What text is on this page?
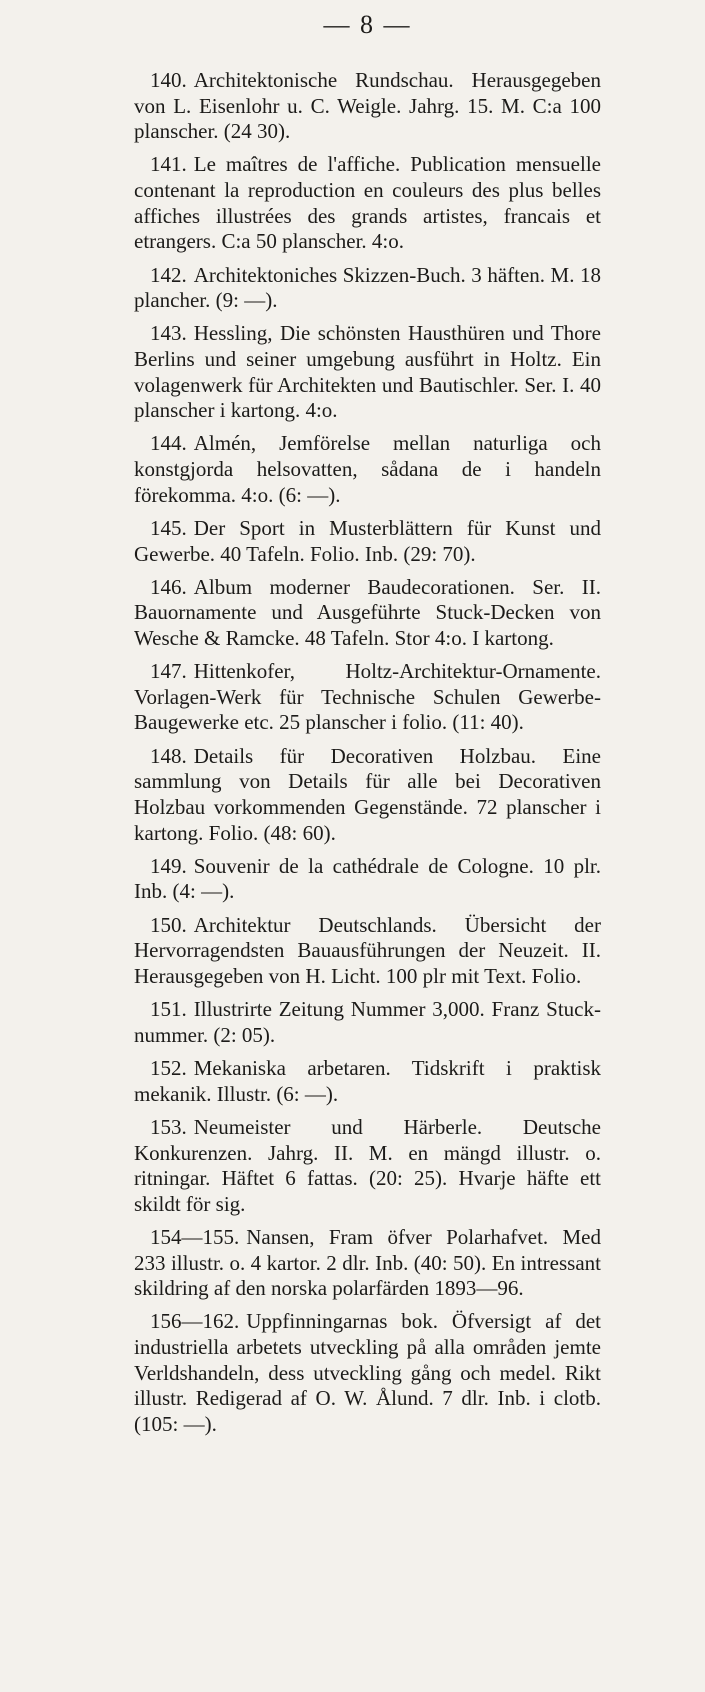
— 8 —

140. Architektonische Rundschau. Herausgegeben von L. Eisenlohr u. C. Weigle. Jahrg. 15. M. C:a 100 planscher. (24 30).

141. Le maîtres de l'affiche. Publication mensuelle contenant la reproduction en couleurs des plus belles affiches illustrées des grands artistes, francais et etrangers. C:a 50 planscher. 4:o.

142. Architektoniches Skizzen-Buch. 3 häften. M. 18 plancher. (9: —).

143. Hessling, Die schönsten Hausthüren und Thore Berlins und seiner umgebung ausführt in Holtz. Ein volagenwerk für Architekten und Bautischler. Ser. I. 40 planscher i kartong. 4:o.

144. Almén, Jemförelse mellan naturliga och konstgjorda helsovatten, sådana de i handeln förekomma. 4:o. (6: —).

145. Der Sport in Musterblättern für Kunst und Gewerbe. 40 Tafeln. Folio. Inb. (29: 70).

146. Album moderner Baudecorationen. Ser. II. Bauornamente und Ausgeführte Stuck-Decken von Wesche & Ramcke. 48 Tafeln. Stor 4:o. I kartong.

147. Hittenkofer, Holtz-Architektur-Ornamente. Vorlagen-Werk für Technische Schulen Gewerbe-Baugewerke etc. 25 planscher i folio. (11: 40).

148. Details für Decorativen Holzbau. Eine sammlung von Details für alle bei Decorativen Holzbau vorkommenden Gegenstände. 72 planscher i kartong. Folio. (48: 60).

149. Souvenir de la cathédrale de Cologne. 10 plr. Inb. (4: —).

150. Architektur Deutschlands. Übersicht der Hervorragendsten Bauausführungen der Neuzeit. II. Herausgegeben von H. Licht. 100 plr mit Text. Folio.

151. Illustrirte Zeitung Nummer 3,000. Franz Stuck-nummer. (2: 05).

152. Mekaniska arbetaren. Tidskrift i praktisk mekanik. Illustr. (6: —).

153. Neumeister und Härberle. Deutsche Konkurenzen. Jahrg. II. M. en mängd illustr. o. ritningar. Häftet 6 fattas. (20: 25). Hvarje häfte ett skildt för sig.

154—155. Nansen, Fram öfver Polarhafvet. Med 233 illustr. o. 4 kartor. 2 dlr. Inb. (40: 50). En intressant skildring af den norska polarfärden 1893—96.

156—162. Uppfinningarnas bok. Öfversigt af det industriella arbetets utveckling på alla områden jemte Verldshandeln, dess utveckling gång och medel. Rikt illustr. Redigerad af O. W. Ålund. 7 dlr. Inb. i clotb. (105: —).
